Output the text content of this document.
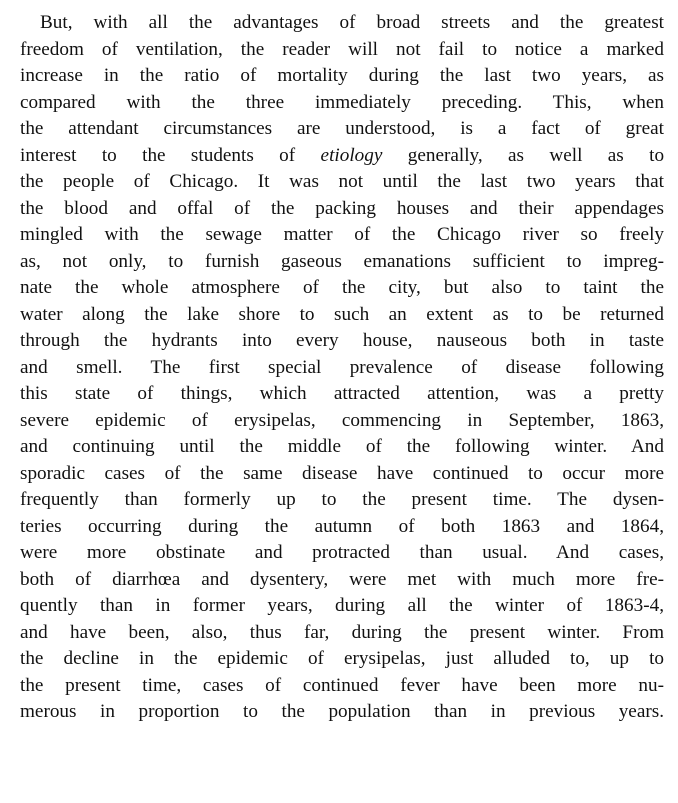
But, with all the advantages of broad streets and the greatest
freedom of ventilation, the reader will not fail to notice a marked
increase in the ratio of mortality during the last two years, as
compared with the three immediately preceding. This, when
the attendant circumstances are understood, is a fact of great
interest to the students of etiology generally, as well as to
the people of Chicago. It was not until the last two years that
the blood and offal of the packing houses and their appendages
mingled with the sewage matter of the Chicago river so freely
as, not only, to furnish gaseous emanations sufficient to impreg-
nate the whole atmosphere of the city, but also to taint the
water along the lake shore to such an extent as to be returned
through the hydrants into every house, nauseous both in taste
and smell. The first special prevalence of disease following
this state of things, which attracted attention, was a pretty
severe epidemic of erysipelas, commencing in September, 1863,
and continuing until the middle of the following winter. And
sporadic cases of the same disease have continued to occur more
frequently than formerly up to the present time. The dysen-
teries occurring during the autumn of both 1863 and 1864,
were more obstinate and protracted than usual. And cases,
both of diarrhœa and dysentery, were met with much more fre-
quently than in former years, during all the winter of 1863-4,
and have been, also, thus far, during the present winter. From
the decline in the epidemic of erysipelas, just alluded to, up to
the present time, cases of continued fever have been more nu-
merous in proportion to the population than in previous years.
